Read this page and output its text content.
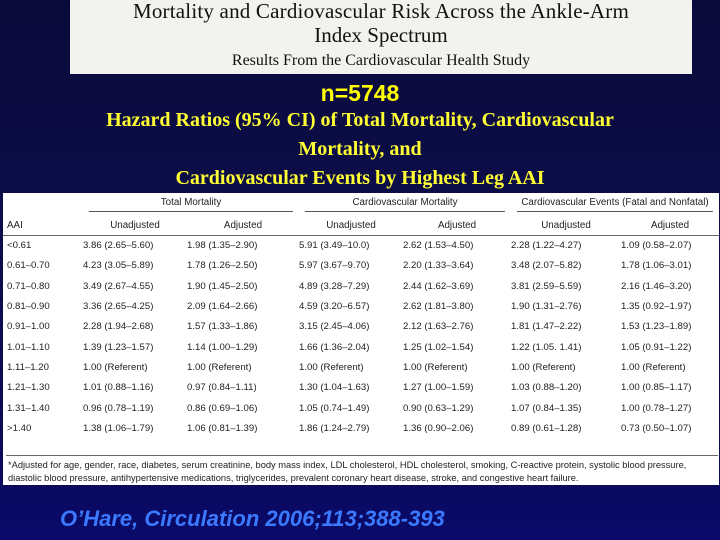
Mortality and Cardiovascular Risk Across the Ankle-Arm
Index Spectrum
Results From the Cardiovascular Health Study
n=5748
Hazard Ratios (95% CI) of Total Mortality, Cardiovascular
Mortality, and
Cardiovascular Events by Highest Leg AAI

	Total Mortality		Cardiovascular Mortality		Cardiovascular Events (Fatal and Nonfatal)	

AAI	Unadjusted	Adjusted	Unadjusted	Adjusted	Unadjusted	Adjusted
<0.61	3.86 (2.65–5.60)	1.98 (1.35–2.90)	5.91 (3.49–10.0)	2.62 (1.53–4.50)	2.28 (1.22–4.27)	1.09 (0.58–2.07)
0.61–0.70	4.23 (3.05–5.89)	1.78 (1.26–2.50)	5.97 (3.67–9.70)	2.20 (1.33–3.64)	3.48 (2.07–5.82)	1.78 (1.06–3.01)
0.71–0.80	3.49 (2.67–4.55)	1.90 (1.45–2.50)	4.89 (3.28–7.29)	2.44 (1.62–3.69)	3.81 (2.59–5.59)	2.16 (1.46–3.20)
0.81–0.90	3.36 (2.65–4.25)	2.09 (1.64–2.66)	4.59 (3.20–6.57)	2.62 (1.81–3.80)	1.90 (1.31–2.76)	1.35 (0.92–1.97)
0.91–1.00	2.28 (1.94–2.68)	1.57 (1.33–1.86)	3.15 (2.45–4.06)	2.12 (1.63–2.76)	1.81 (1.47–2.22)	1.53 (1.23–1.89)
1.01–1.10	1.39 (1.23–1.57)	1.14 (1.00–1.29)	1.66 (1.36–2.04)	1.25 (1.02–1.54)	1.22 (1.05. 1.41)	1.05 (0.91–1.22)
1.11–1.20	1.00 (Referent)	1.00 (Referent)	1.00 (Referent)	1.00 (Referent)	1.00 (Referent)	1.00 (Referent)
1.21–1.30	1.01 (0.88–1.16)	0.97 (0.84–1.11)	1.30 (1.04–1.63)	1.27 (1.00–1.59)	1.03 (0.88–1.20)	1.00 (0.85–1.17)
1.31–1.40	0.96 (0.78–1.19)	0.86 (0.69–1.06)	1.05 (0.74–1.49)	0.90 (0.63–1.29)	1.07 (0.84–1.35)	1.00 (0.78–1.27)
>1.40	1.38 (1.06–1.79)	1.06 (0.81–1.39)	1.86 (1.24–2.79)	1.36 (0.90–2.06)	0.89 (0.61–1.28)	0.73 (0.50–1.07)
*Adjusted for age, gender, race, diabetes, serum creatinine, body mass index, LDL cholesterol, HDL cholesterol, smoking, C-reactive protein, systolic blood pressure, diastolic blood pressure, antihypertensive medications, triglycerides, prevalent coronary heart disease, stroke, and congestive heart failure.
O’Hare, Circulation 2006;113;388-393
